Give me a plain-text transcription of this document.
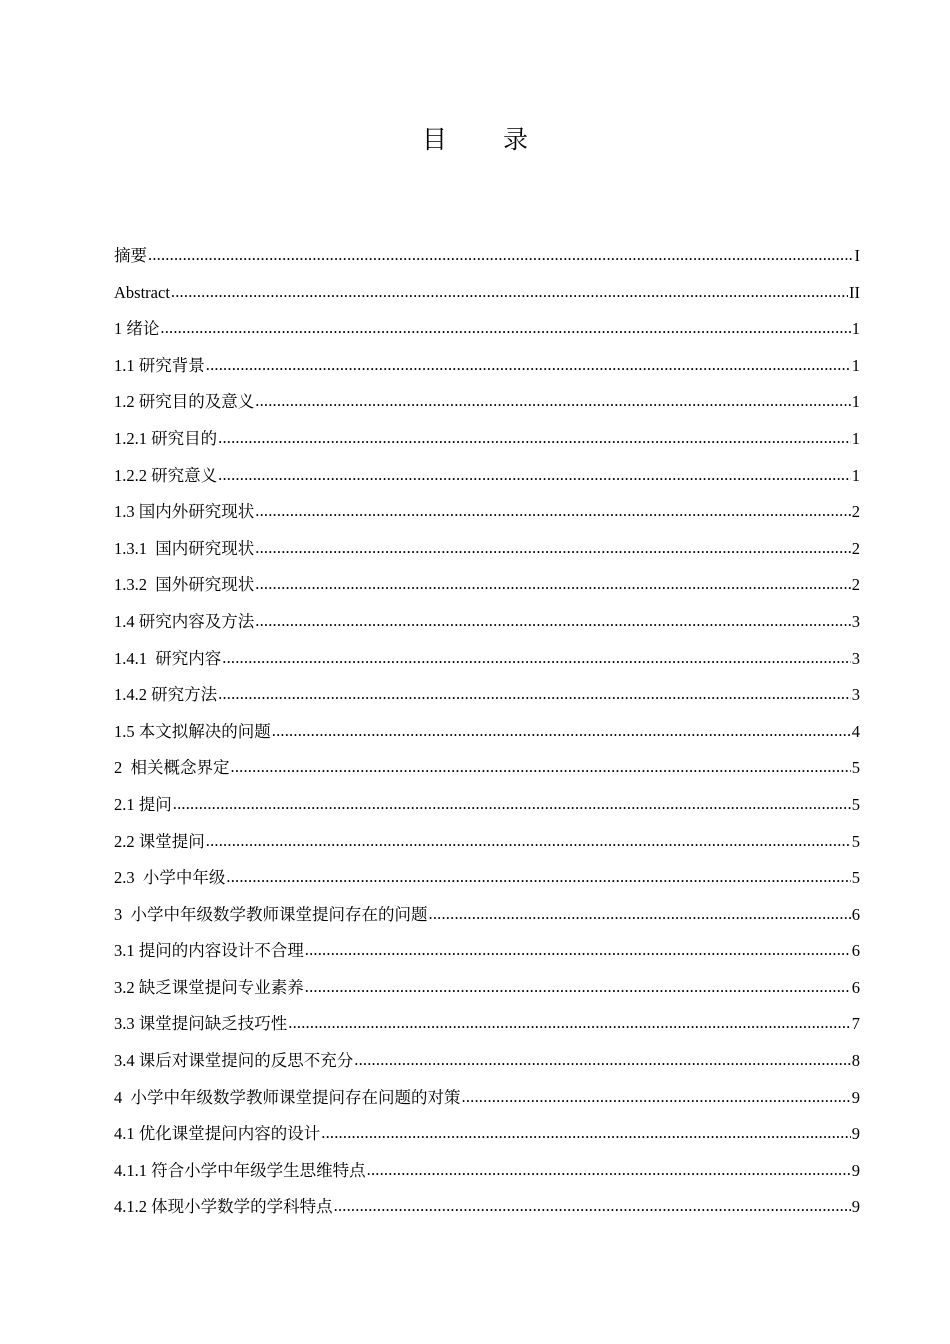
目 录
摘要 .....	I
Abstract .....	II
1 绪论 .....	1
1.1 研究背景 .....	1
1.2 研究目的及意义 .....	1
1.2.1 研究目的 .....	1
1.2.2 研究意义 .....	1
1.3 国内外研究现状 .....	2
1.3.1  国内研究现状 .....	2
1.3.2  国外研究现状 .....	2
1.4 研究内容及方法 .....	3
1.4.1  研究内容 .....	3
1.4.2 研究方法 .....	3
1.5 本文拟解决的问题 .....	4
2  相关概念界定 .....	5
2.1 提问 .....	5
2.2 课堂提问 .....	5
2.3  小学中年级 .....	5
3  小学中年级数学教师课堂提问存在的问题 .....	6
3.1 提问的内容设计不合理 .....	6
3.2 缺乏课堂提问专业素养 .....	6
3.3 课堂提问缺乏技巧性 .....	7
3.4 课后对课堂提问的反思不充分 .....	8
4  小学中年级数学教师课堂提问存在问题的对策 .....	9
4.1 优化课堂提问内容的设计 .....	9
4.1.1 符合小学中年级学生思维特点 .....	9
4.1.2 体现小学数学的学科特点 .....	9
